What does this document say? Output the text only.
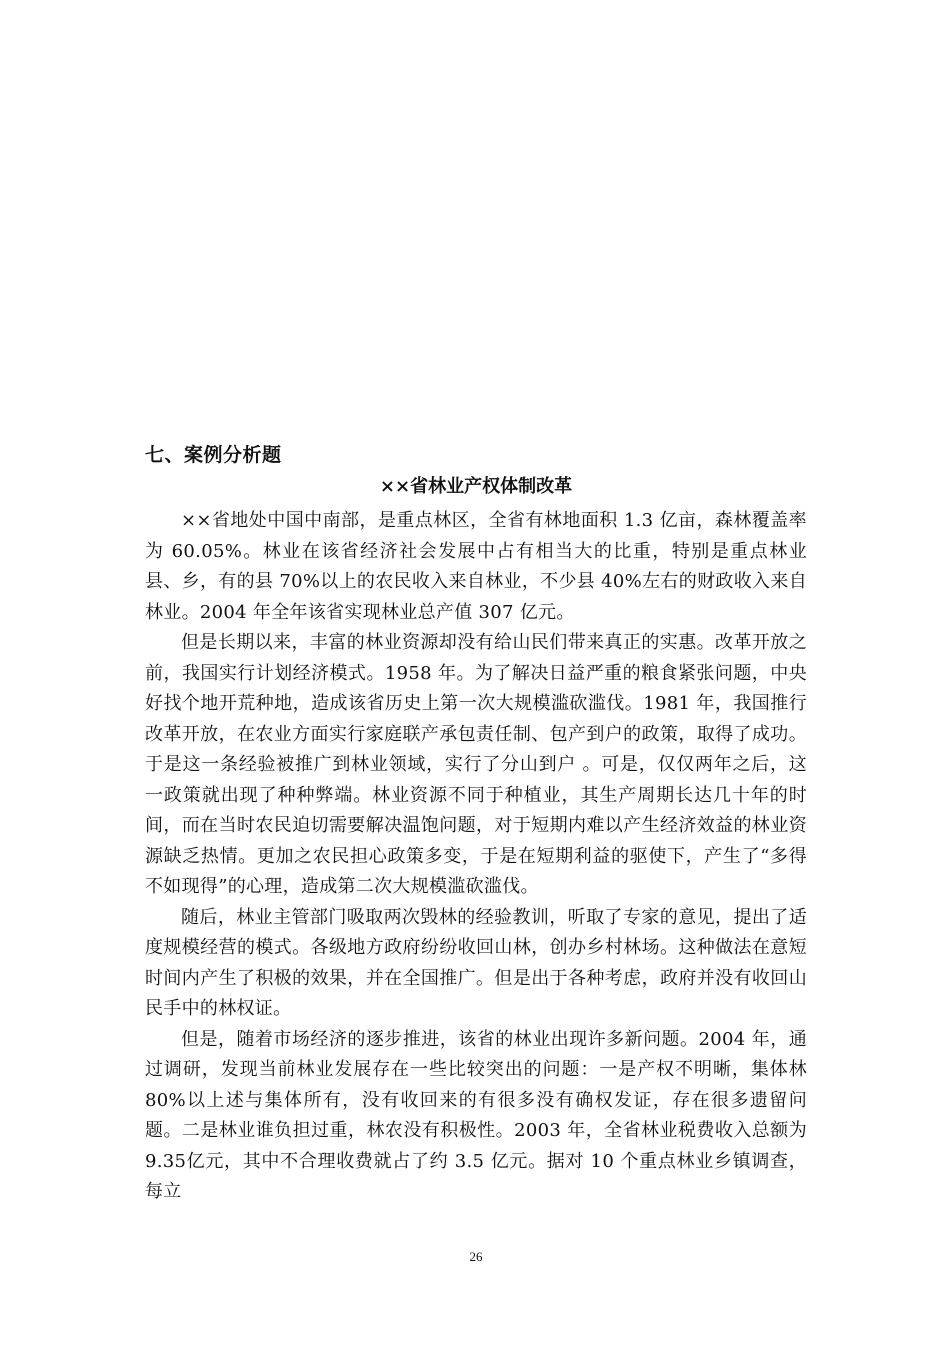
七、案例分析题
××省林业产权体制改革

××省地处中国中南部，是重点林区，全省有林地面积 1.3 亿亩，森林覆盖率为 60.05%。林业在该省经济社会发展中占有相当大的比重，特别是重点林业县、乡，有的县 70%以上的农民收入来自林业，不少县 40%左右的财政收入来自林业。2004 年全年该省实现林业总产值 307 亿元。

但是长期以来，丰富的林业资源却没有给山民们带来真正的实惠。改革开放之前，我国实行计划经济模式。1958 年。为了解决日益严重的粮食紧张问题，中央好找个地开荒种地，造成该省历史上第一次大规模滥砍滥伐。1981 年，我国推行改革开放，在农业方面实行家庭联产承包责任制、包产到户的政策，取得了成功。于是这一条经验被推广到林业领域，实行了分山到户 。可是，仅仅两年之后，这一政策就出现了种种弊端。林业资源不同于种植业，其生产周期长达几十年的时间，而在当时农民迫切需要解决温饱问题，对于短期内难以产生经济效益的林业资源缺乏热情。更加之农民担心政策多变，于是在短期利益的驱使下，产生了“多得不如现得”的心理，造成第二次大规模滥砍滥伐。

随后，林业主管部门吸取两次毁林的经验教训，听取了专家的意见，提出了适度规模经营的模式。各级地方政府纷纷收回山林，创办乡村林场。这种做法在意短时间内产生了积极的效果，并在全国推广。但是出于各种考虑，政府并没有收回山民手中的林权证。

但是，随着市场经济的逐步推进，该省的林业出现许多新问题。2004 年，通过调研，发现当前林业发展存在一些比较突出的问题：一是产权不明晰，集体林80%以上述与集体所有，没有收回来的有很多没有确权发证，存在很多遗留问题。二是林业谁负担过重，林农没有积极性。2003 年，全省林业税费收入总额为 9.35亿元，其中不合理收费就占了约 3.5 亿元。据对 10 个重点林业乡镇调查，每立

26
